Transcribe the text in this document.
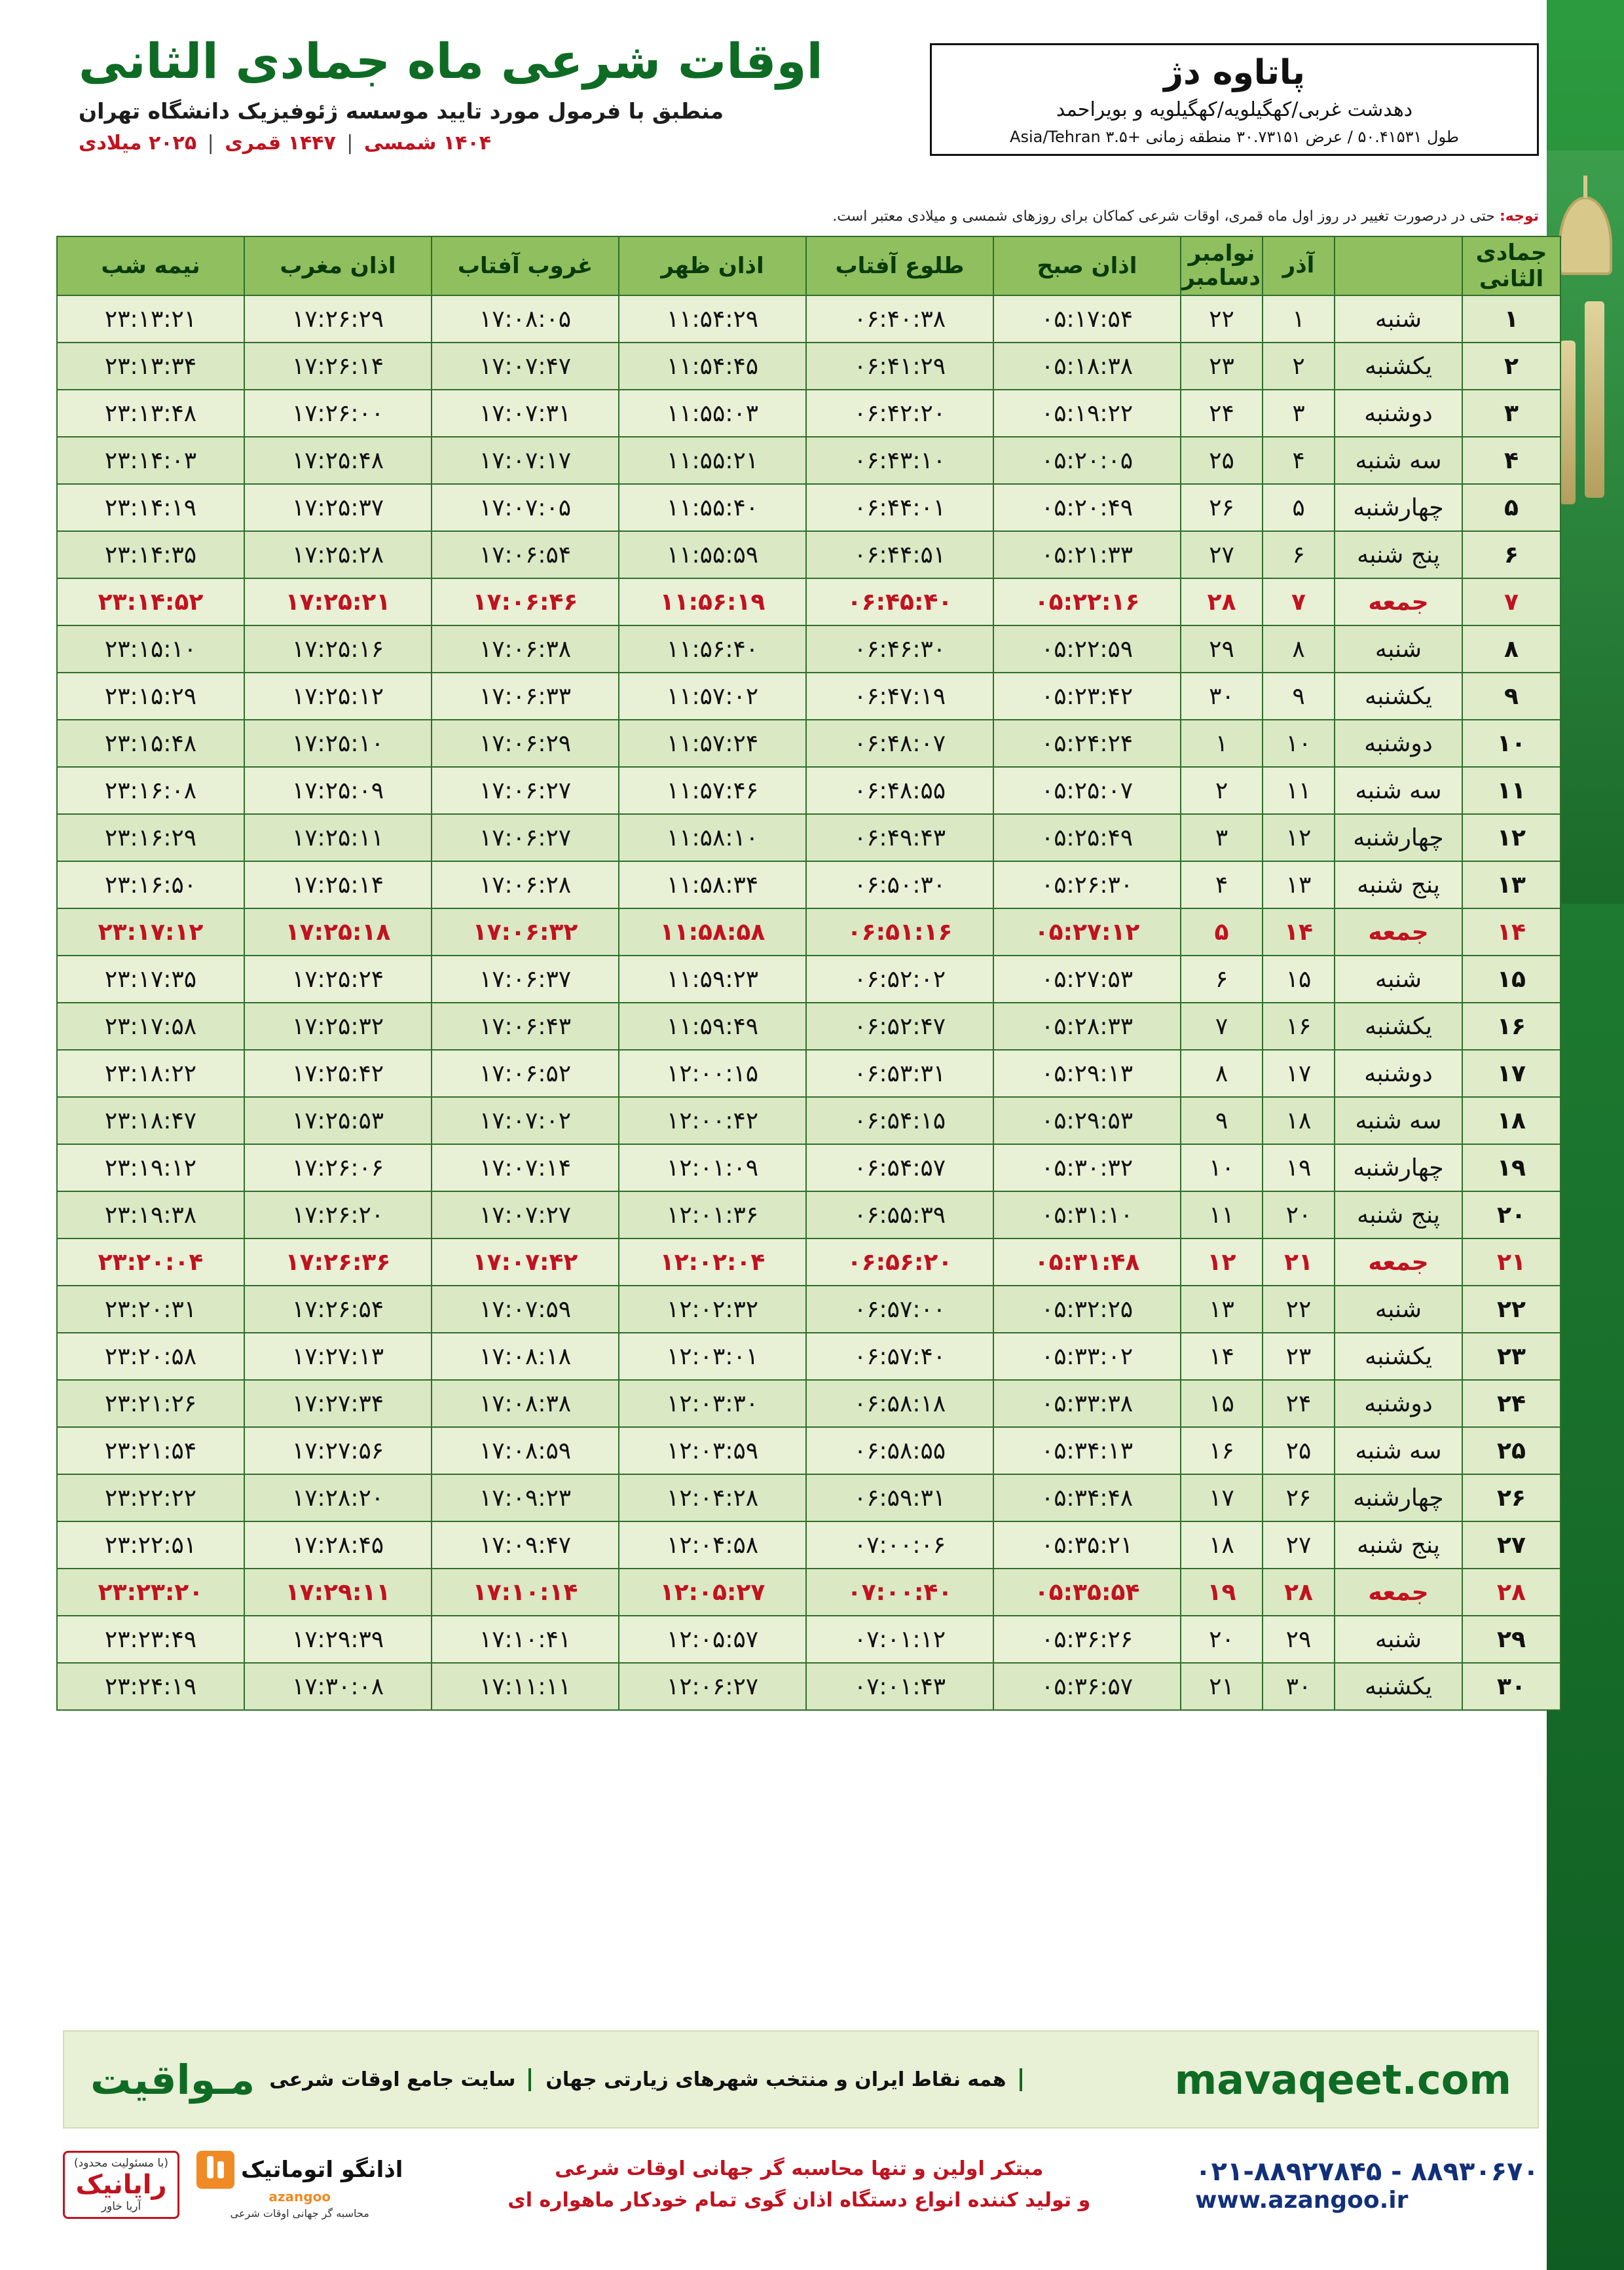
اوقات شرعی ماه جمادی الثانی
منطبق با فرمول مورد تایید موسسه ژئوفیزیک دانشگاه تهران
۱۴۰۴ شمسی | ۱۴۴۷ قمری | ۲۰۲۵ میلادی
پاتاوه دژ
دهدشت غربی/کهگیلویه/کهگیلویه و بویراحمد
طول ۵۰.۴۱۵۳۱ / عرض ۳۰.۷۳۱۵۱ منطقه زمانی +۳.۵ Asia/Tehran
توجه: حتی در درصورت تغییر در روز اول ماه قمری، اوقات شرعی کماکان برای روزهای شمسی و میلادی معتبر است.
جمادی الثانی		آذر	نوامبر دسامبر	اذان صبح	طلوع آفتاب	اذان ظهر	غروب آفتاب	اذان مغرب	نیمه شب
۱	شنبه	۱	۲۲	۰۵:۱۷:۵۴	۰۶:۴۰:۳۸	۱۱:۵۴:۲۹	۱۷:۰۸:۰۵	۱۷:۲۶:۲۹	۲۳:۱۳:۲۱
۲	یکشنبه	۲	۲۳	۰۵:۱۸:۳۸	۰۶:۴۱:۲۹	۱۱:۵۴:۴۵	۱۷:۰۷:۴۷	۱۷:۲۶:۱۴	۲۳:۱۳:۳۴
۳	دوشنبه	۳	۲۴	۰۵:۱۹:۲۲	۰۶:۴۲:۲۰	۱۱:۵۵:۰۳	۱۷:۰۷:۳۱	۱۷:۲۶:۰۰	۲۳:۱۳:۴۸
۴	سه شنبه	۴	۲۵	۰۵:۲۰:۰۵	۰۶:۴۳:۱۰	۱۱:۵۵:۲۱	۱۷:۰۷:۱۷	۱۷:۲۵:۴۸	۲۳:۱۴:۰۳
۵	چهارشنبه	۵	۲۶	۰۵:۲۰:۴۹	۰۶:۴۴:۰۱	۱۱:۵۵:۴۰	۱۷:۰۷:۰۵	۱۷:۲۵:۳۷	۲۳:۱۴:۱۹
۶	پنج شنبه	۶	۲۷	۰۵:۲۱:۳۳	۰۶:۴۴:۵۱	۱۱:۵۵:۵۹	۱۷:۰۶:۵۴	۱۷:۲۵:۲۸	۲۳:۱۴:۳۵
۷	جمعه	۷	۲۸	۰۵:۲۲:۱۶	۰۶:۴۵:۴۰	۱۱:۵۶:۱۹	۱۷:۰۶:۴۶	۱۷:۲۵:۲۱	۲۳:۱۴:۵۲
۸	شنبه	۸	۲۹	۰۵:۲۲:۵۹	۰۶:۴۶:۳۰	۱۱:۵۶:۴۰	۱۷:۰۶:۳۸	۱۷:۲۵:۱۶	۲۳:۱۵:۱۰
۹	یکشنبه	۹	۳۰	۰۵:۲۳:۴۲	۰۶:۴۷:۱۹	۱۱:۵۷:۰۲	۱۷:۰۶:۳۳	۱۷:۲۵:۱۲	۲۳:۱۵:۲۹
۱۰	دوشنبه	۱۰	۱	۰۵:۲۴:۲۴	۰۶:۴۸:۰۷	۱۱:۵۷:۲۴	۱۷:۰۶:۲۹	۱۷:۲۵:۱۰	۲۳:۱۵:۴۸
۱۱	سه شنبه	۱۱	۲	۰۵:۲۵:۰۷	۰۶:۴۸:۵۵	۱۱:۵۷:۴۶	۱۷:۰۶:۲۷	۱۷:۲۵:۰۹	۲۳:۱۶:۰۸
۱۲	چهارشنبه	۱۲	۳	۰۵:۲۵:۴۹	۰۶:۴۹:۴۳	۱۱:۵۸:۱۰	۱۷:۰۶:۲۷	۱۷:۲۵:۱۱	۲۳:۱۶:۲۹
۱۳	پنج شنبه	۱۳	۴	۰۵:۲۶:۳۰	۰۶:۵۰:۳۰	۱۱:۵۸:۳۴	۱۷:۰۶:۲۸	۱۷:۲۵:۱۴	۲۳:۱۶:۵۰
۱۴	جمعه	۱۴	۵	۰۵:۲۷:۱۲	۰۶:۵۱:۱۶	۱۱:۵۸:۵۸	۱۷:۰۶:۳۲	۱۷:۲۵:۱۸	۲۳:۱۷:۱۲
۱۵	شنبه	۱۵	۶	۰۵:۲۷:۵۳	۰۶:۵۲:۰۲	۱۱:۵۹:۲۳	۱۷:۰۶:۳۷	۱۷:۲۵:۲۴	۲۳:۱۷:۳۵
۱۶	یکشنبه	۱۶	۷	۰۵:۲۸:۳۳	۰۶:۵۲:۴۷	۱۱:۵۹:۴۹	۱۷:۰۶:۴۳	۱۷:۲۵:۳۲	۲۳:۱۷:۵۸
۱۷	دوشنبه	۱۷	۸	۰۵:۲۹:۱۳	۰۶:۵۳:۳۱	۱۲:۰۰:۱۵	۱۷:۰۶:۵۲	۱۷:۲۵:۴۲	۲۳:۱۸:۲۲
۱۸	سه شنبه	۱۸	۹	۰۵:۲۹:۵۳	۰۶:۵۴:۱۵	۱۲:۰۰:۴۲	۱۷:۰۷:۰۲	۱۷:۲۵:۵۳	۲۳:۱۸:۴۷
۱۹	چهارشنبه	۱۹	۱۰	۰۵:۳۰:۳۲	۰۶:۵۴:۵۷	۱۲:۰۱:۰۹	۱۷:۰۷:۱۴	۱۷:۲۶:۰۶	۲۳:۱۹:۱۲
۲۰	پنج شنبه	۲۰	۱۱	۰۵:۳۱:۱۰	۰۶:۵۵:۳۹	۱۲:۰۱:۳۶	۱۷:۰۷:۲۷	۱۷:۲۶:۲۰	۲۳:۱۹:۳۸
۲۱	جمعه	۲۱	۱۲	۰۵:۳۱:۴۸	۰۶:۵۶:۲۰	۱۲:۰۲:۰۴	۱۷:۰۷:۴۲	۱۷:۲۶:۳۶	۲۳:۲۰:۰۴
۲۲	شنبه	۲۲	۱۳	۰۵:۳۲:۲۵	۰۶:۵۷:۰۰	۱۲:۰۲:۳۲	۱۷:۰۷:۵۹	۱۷:۲۶:۵۴	۲۳:۲۰:۳۱
۲۳	یکشنبه	۲۳	۱۴	۰۵:۳۳:۰۲	۰۶:۵۷:۴۰	۱۲:۰۳:۰۱	۱۷:۰۸:۱۸	۱۷:۲۷:۱۳	۲۳:۲۰:۵۸
۲۴	دوشنبه	۲۴	۱۵	۰۵:۳۳:۳۸	۰۶:۵۸:۱۸	۱۲:۰۳:۳۰	۱۷:۰۸:۳۸	۱۷:۲۷:۳۴	۲۳:۲۱:۲۶
۲۵	سه شنبه	۲۵	۱۶	۰۵:۳۴:۱۳	۰۶:۵۸:۵۵	۱۲:۰۳:۵۹	۱۷:۰۸:۵۹	۱۷:۲۷:۵۶	۲۳:۲۱:۵۴
۲۶	چهارشنبه	۲۶	۱۷	۰۵:۳۴:۴۸	۰۶:۵۹:۳۱	۱۲:۰۴:۲۸	۱۷:۰۹:۲۳	۱۷:۲۸:۲۰	۲۳:۲۲:۲۲
۲۷	پنج شنبه	۲۷	۱۸	۰۵:۳۵:۲۱	۰۷:۰۰:۰۶	۱۲:۰۴:۵۸	۱۷:۰۹:۴۷	۱۷:۲۸:۴۵	۲۳:۲۲:۵۱
۲۸	جمعه	۲۸	۱۹	۰۵:۳۵:۵۴	۰۷:۰۰:۴۰	۱۲:۰۵:۲۷	۱۷:۱۰:۱۴	۱۷:۲۹:۱۱	۲۳:۲۳:۲۰
۲۹	شنبه	۲۹	۲۰	۰۵:۳۶:۲۶	۰۷:۰۱:۱۲	۱۲:۰۵:۵۷	۱۷:۱۰:۴۱	۱۷:۲۹:۳۹	۲۳:۲۳:۴۹
۳۰	یکشنبه	۳۰	۲۱	۰۵:۳۶:۵۷	۰۷:۰۱:۴۳	۱۲:۰۶:۲۷	۱۷:۱۱:۱۱	۱۷:۳۰:۰۸	۲۳:۲۴:۱۹
mavaqeet.com
همه نقاط ایران و منتخب شهرهای زیارتی جهان
سایت جامع اوقات شرعی
مـواقیت
۰۲۱-۸۸۹۲۷۸۴۵ - ۸۸۹۳۰۶۷۰
www.azangoo.ir
مبتکر اولین و تنها محاسبه گر جهانی اوقات شرعی
و تولید کننده انواع دستگاه اذان گوی تمام خودکار ماهواره ای
اذانگو اتوماتیک
azangoo
محاسبه گر جهانی اوقات شرعی
(با مسئولیت محدود)
رایانیک
آریا خاور
